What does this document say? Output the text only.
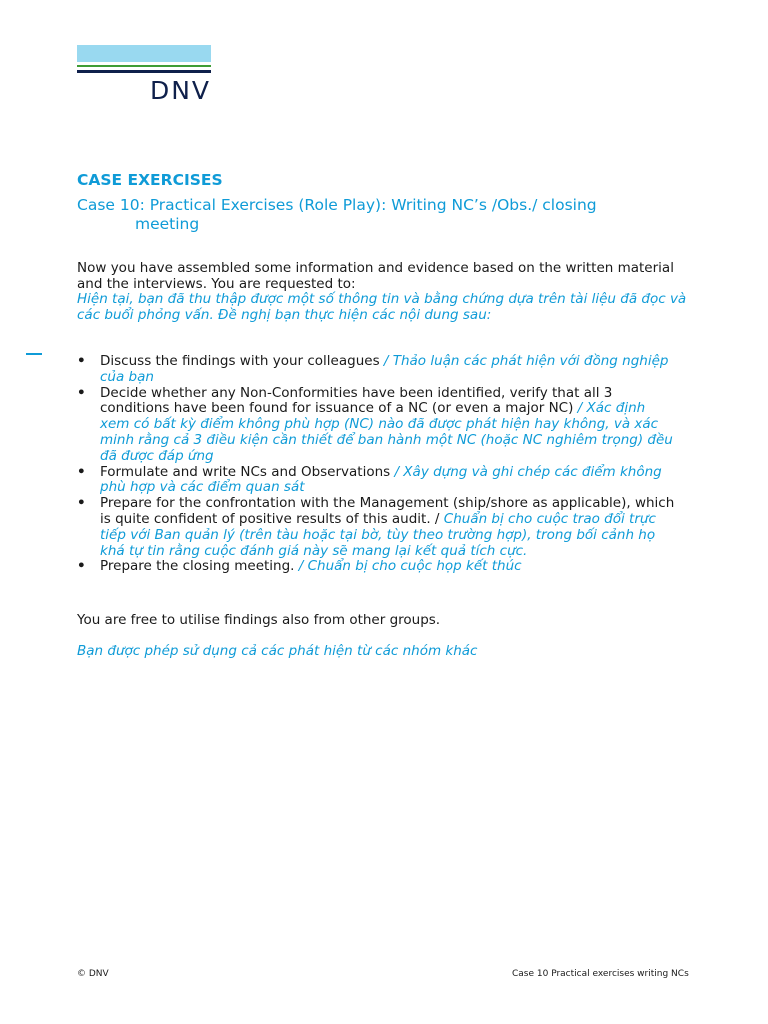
DNV
CASE EXERCISES
Case 10: Practical Exercises (Role Play): Writing NC’s /Obs./ closing
meeting
Now you have assembled some information and evidence based on the written material and the interviews. You are requested to:
Hiện tại, bạn đã thu thập được một số thông tin và bằng chứng dựa trên tài liệu đã đọc và các buổi phỏng vấn. Đề nghị bạn thực hiện các nội dung sau:
• Discuss the findings with your colleagues / Thảo luận các phát hiện với đồng nghiệp của bạn
• Decide whether any Non-Conformities have been identified, verify that all 3 conditions have been found for issuance of a NC (or even a major NC) / Xác định xem có bất kỳ điểm không phù hợp (NC) nào đã được phát hiện hay không, và xác minh rằng cả 3 điều kiện cần thiết để ban hành một NC (hoặc NC nghiêm trọng) đều đã được đáp ứng
• Formulate and write NCs and Observations / Xây dựng và ghi chép các điểm không phù hợp và các điểm quan sát
• Prepare for the confrontation with the Management (ship/shore as applicable), which is quite confident of positive results of this audit. / Chuẩn bị cho cuộc trao đổi trực tiếp với Ban quản lý (trên tàu hoặc tại bờ, tùy theo trường hợp), trong bối cảnh họ khá tự tin rằng cuộc đánh giá này sẽ mang lại kết quả tích cực.
• Prepare the closing meeting. / Chuẩn bị cho cuộc họp kết thúc
You are free to utilise findings also from other groups.
Bạn được phép sử dụng cả các phát hiện từ các nhóm khác
© DNV	Case 10 Practical exercises writing NCs
